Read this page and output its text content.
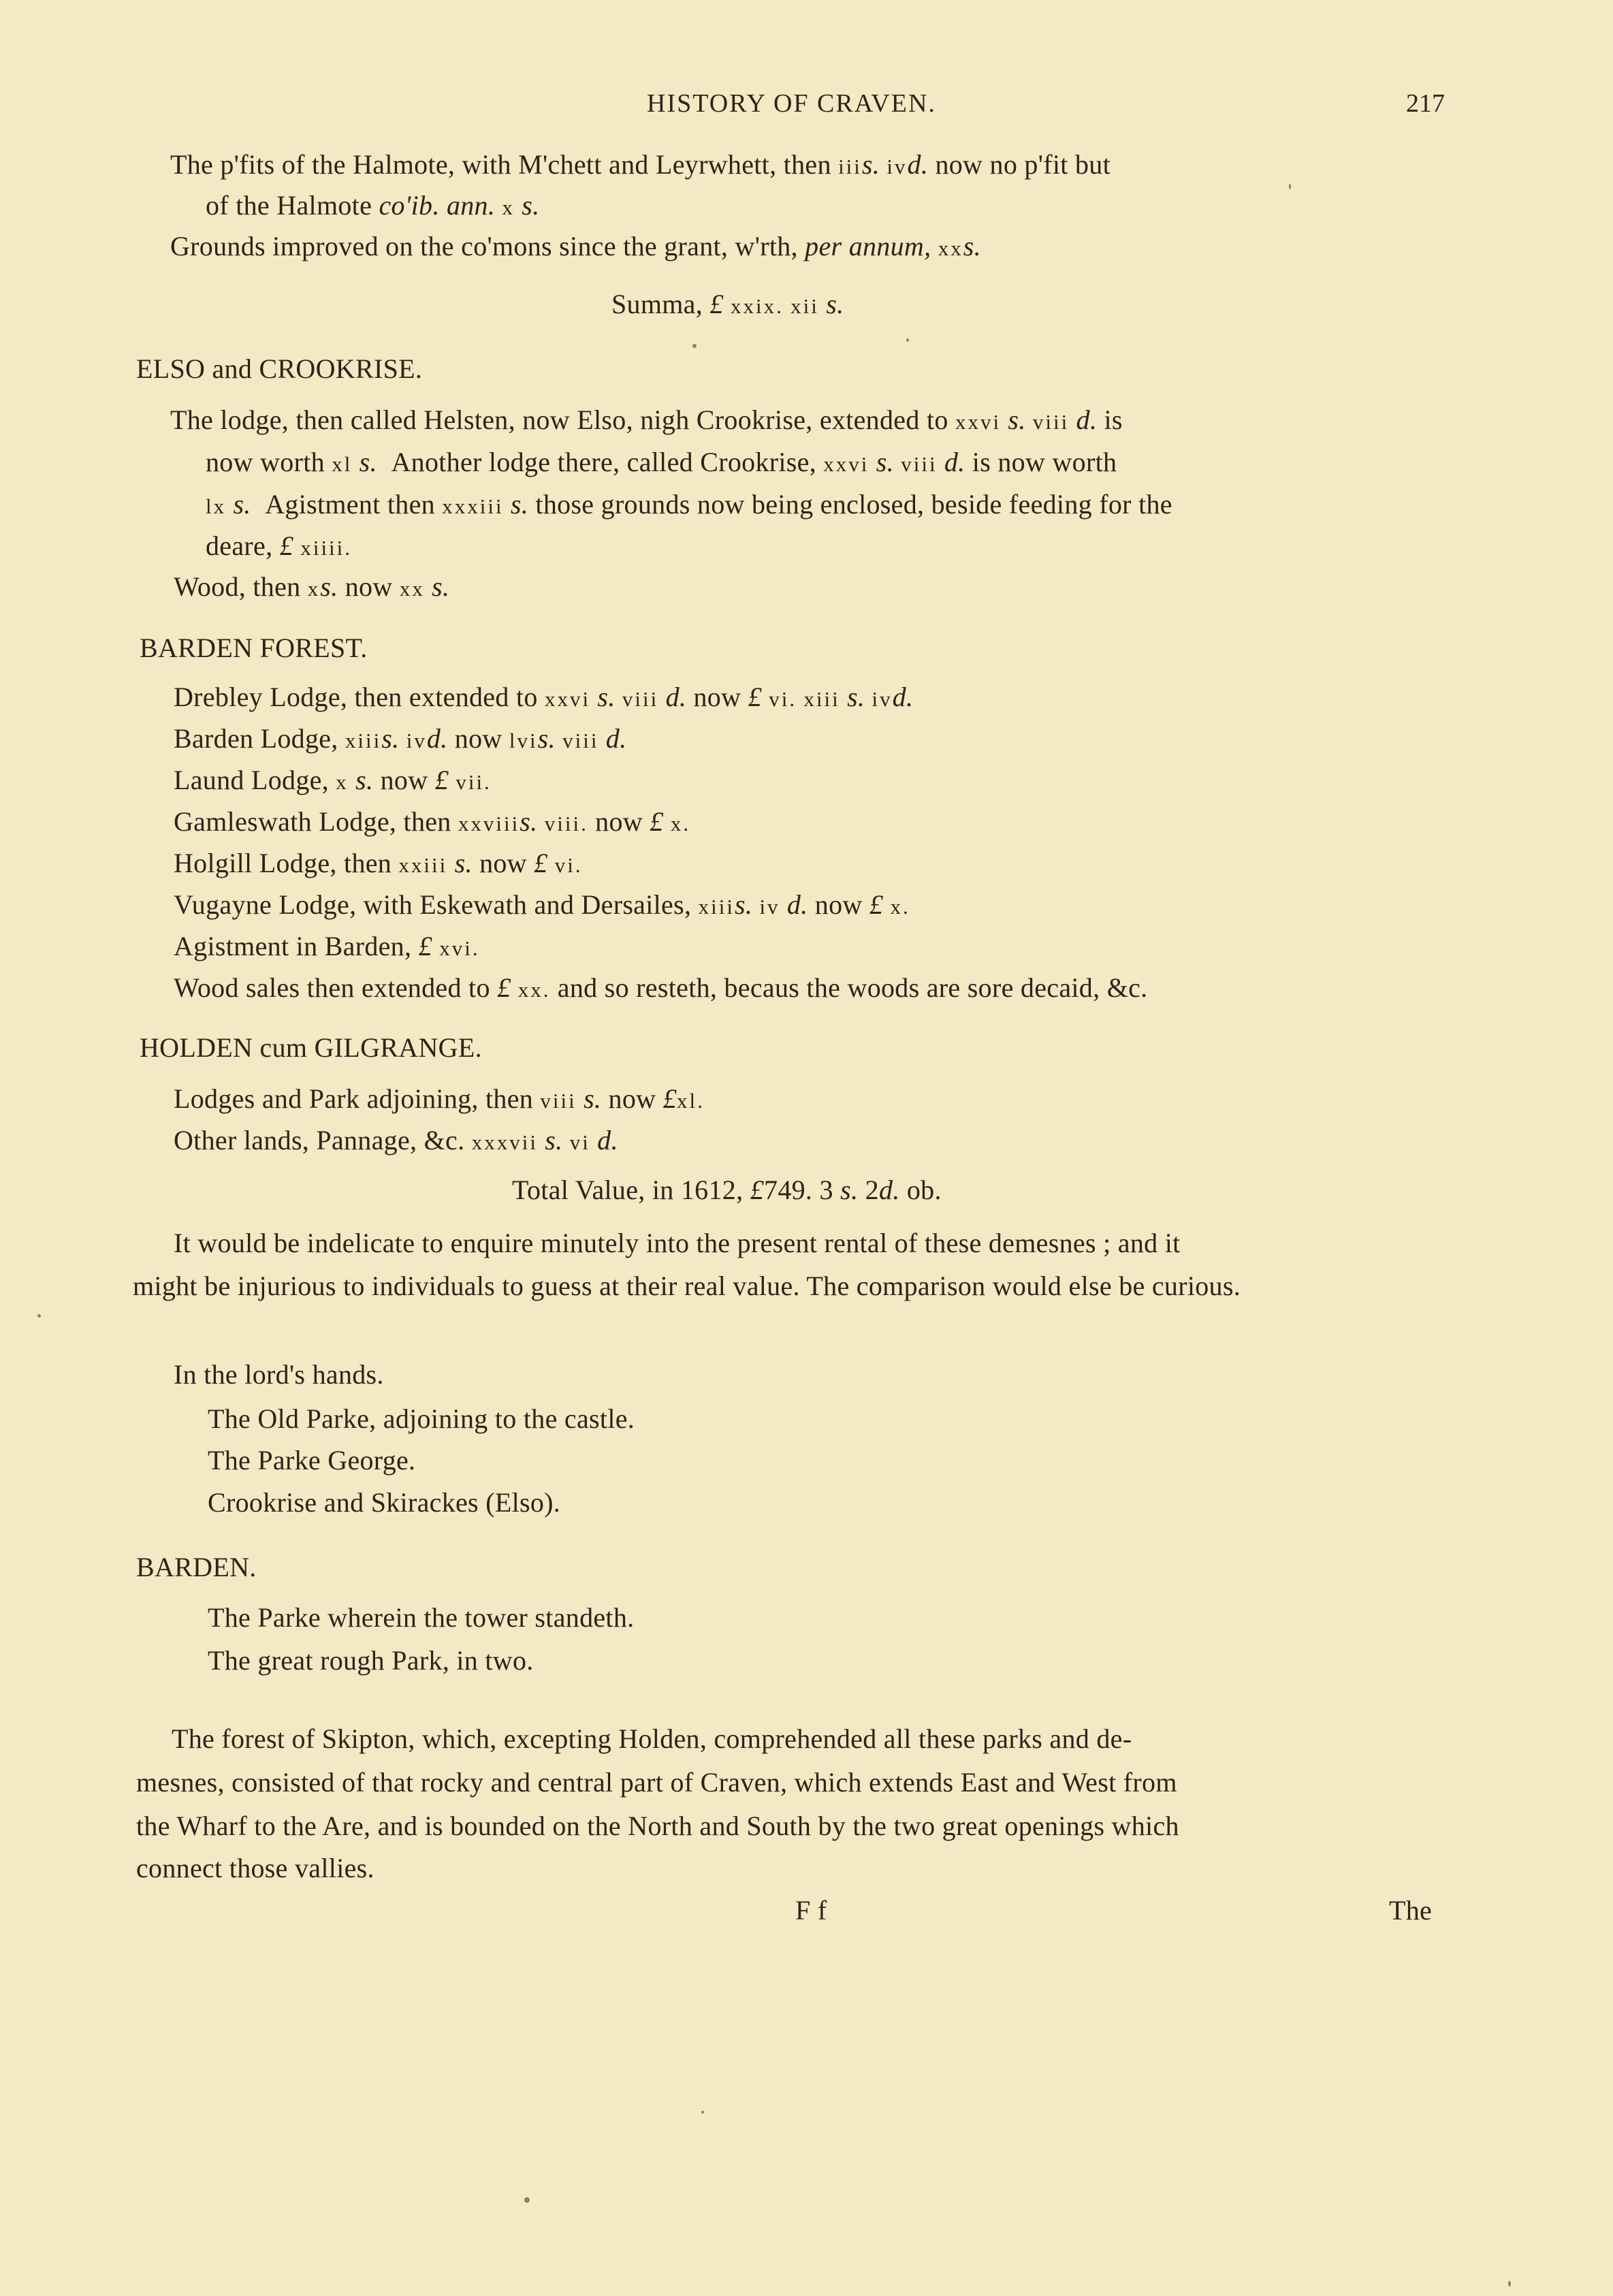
HISTORY OF CRAVEN.	217
The p'fits of the Halmote, with M'chett and Leyrwhett, then iiis. ivd. now no p'fit but
of the Halmote co'ib. ann. x s.
Grounds improved on the co'mons since the grant, w'rth, per annum, xxs.
Summa, £ xxix. xii s.
ELSO and CROOKRISE.
The lodge, then called Helsten, now Elso, nigh Crookrise, extended to xxvi s. viii d. is
now worth xl s. Another lodge there, called Crookrise, xxvi s. viii d. is now worth
lx s. Agistment then xxxiii s. those grounds now being enclosed, beside feeding for the
deare, £ xiiii.
Wood, then xs. now xx s.
BARDEN FOREST.
Drebley Lodge, then extended to xxvi s. viii d. now £ vi. xiii s. ivd.
Barden Lodge, xiiis. ivd. now lvis. viii d.
Laund Lodge, x s. now £ vii.
Gamleswath Lodge, then xxviiis. viii. now £ x.
Holgill Lodge, then xxiii s. now £ vi.
Vugayne Lodge, with Eskewath and Dersailes, xiiis. iv d. now £ x.
Agistment in Barden, £ xvi.
Wood sales then extended to £ xx. and so resteth, becaus the woods are sore decaid, &c.
HOLDEN cum GILGRANGE.
Lodges and Park adjoining, then viii s. now £xl.
Other lands, Pannage, &c. xxxvii s. vi d.
Total Value, in 1612, £749. 3 s. 2d. ob.
It would be indelicate to enquire minutely into the present rental of these demesnes ; and it
might be injurious to individuals to guess at their real value. The comparison would else be curious.
In the lord's hands.
The Old Parke, adjoining to the castle.
The Parke George.
Crookrise and Skirackes (Elso).
BARDEN.
The Parke wherein the tower standeth.
The great rough Park, in two.
The forest of Skipton, which, excepting Holden, comprehended all these parks and de-
mesnes, consisted of that rocky and central part of Craven, which extends East and West from
the Wharf to the Are, and is bounded on the North and South by the two great openings which
connect those vallies.
F f	The
